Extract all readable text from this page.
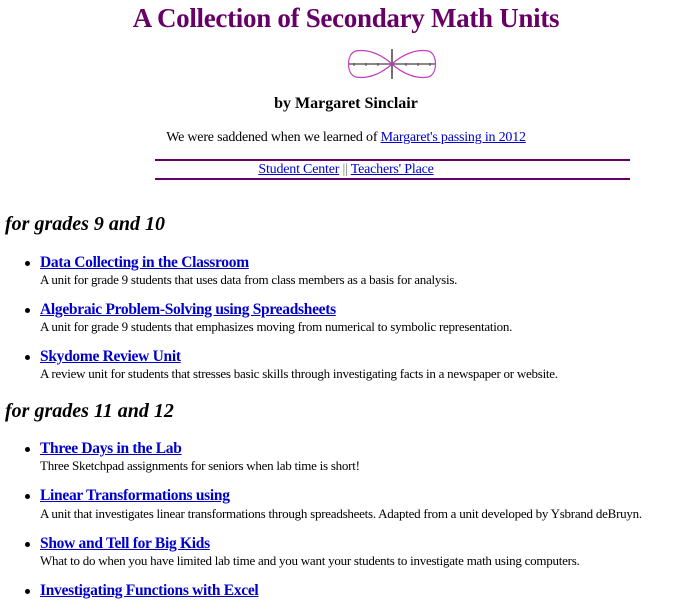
A Collection of Secondary Math Units
by Margaret Sinclair
We were saddened when we learned of Margaret's passing in 2012
Student Center || Teachers' Place
for grades 9 and 10
Data Collecting in the Classroom
A unit for grade 9 students that uses data from class members as a basis for analysis.
Algebraic Problem-Solving using Spreadsheets
A unit for grade 9 students that emphasizes moving from numerical to symbolic representation.
Skydome Review Unit
A review unit for students that stresses basic skills through investigating facts in a newspaper or website.
for grades 11 and 12
Three Days in the Lab
Three Sketchpad assignments for seniors when lab time is short!
Linear Transformations using
A unit that investigates linear transformations through spreadsheets. Adapted from a unit developed by Ysbrand deBruyn.
Show and Tell for Big Kids
What to do when you have limited lab time and you want your students to investigate math using computers.
Investigating Functions with Excel
